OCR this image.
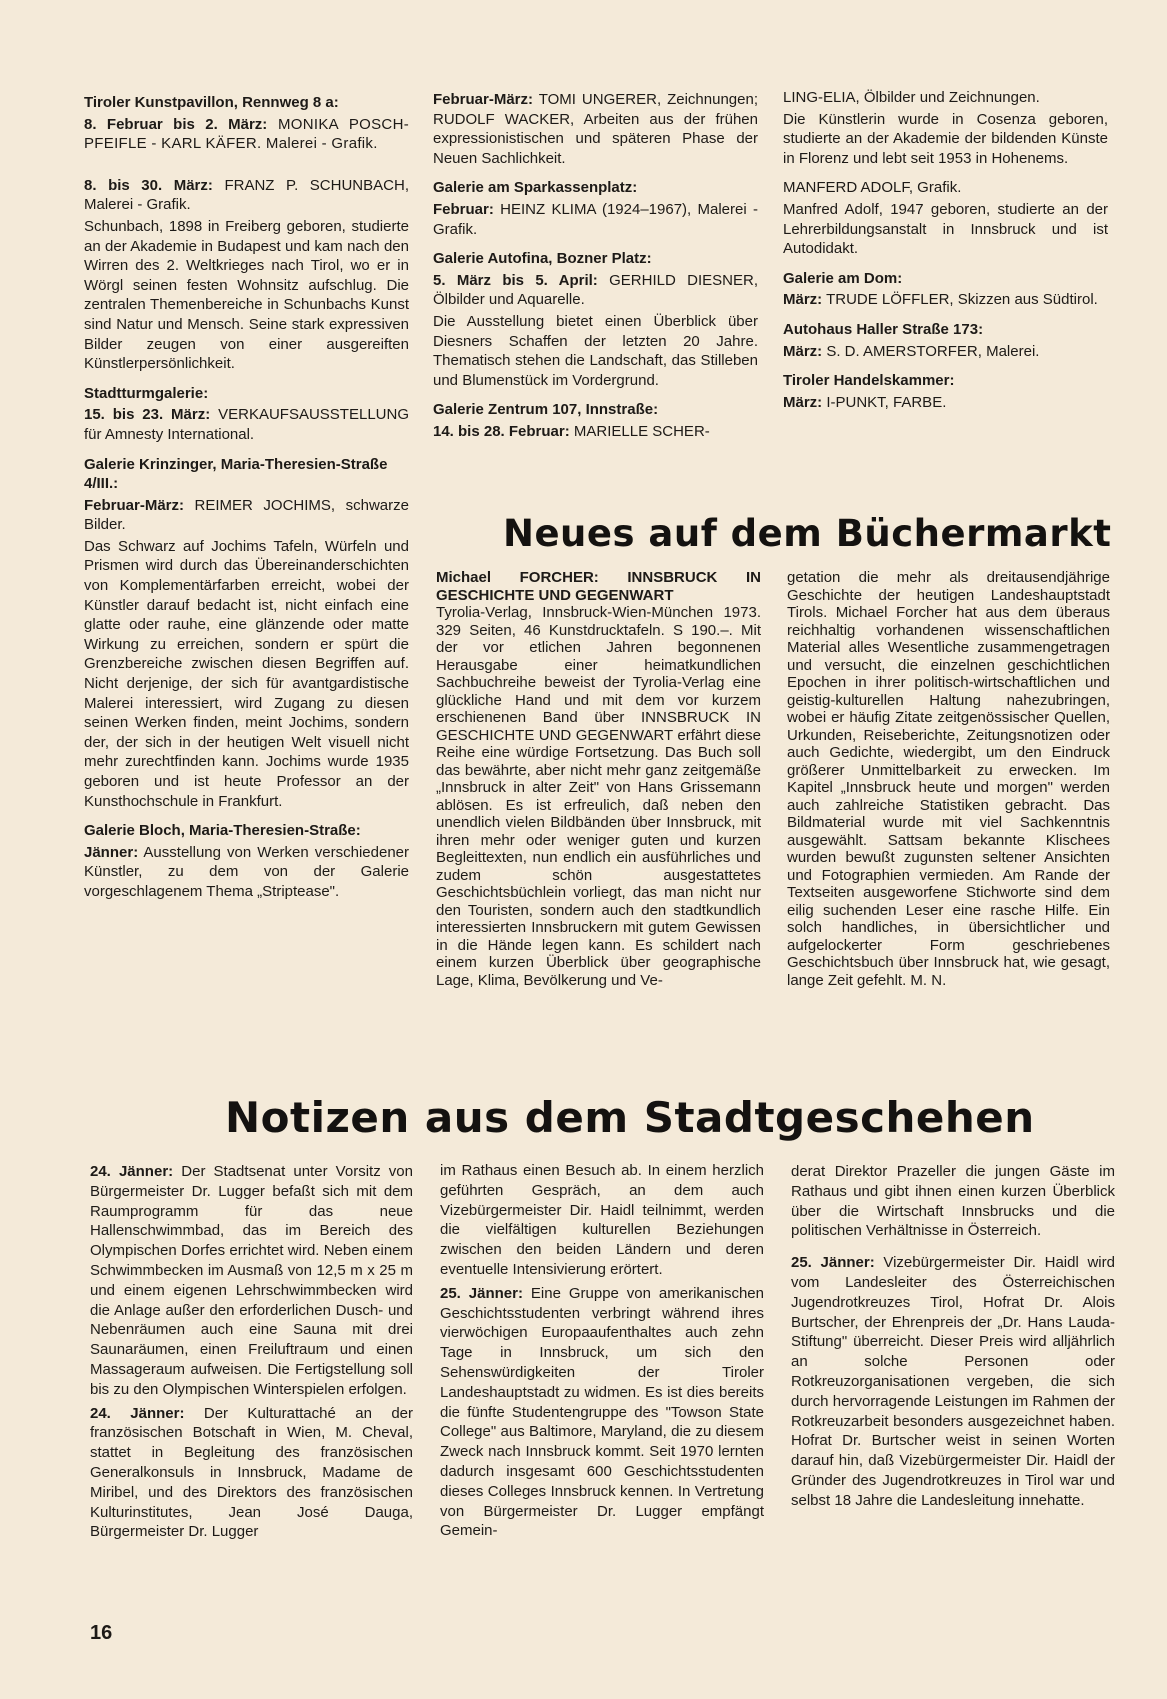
Tiroler Kunstpavillon, Rennweg 8 a:

8. Februar bis 2. März: MONIKA POSCH-PFEIFLE - KARL KÄFER. Malerei - Grafik.

8. bis 30. März: FRANZ P. SCHUNBACH, Malerei - Grafik.

Schunbach, 1898 in Freiberg geboren, studierte an der Akademie in Budapest und kam nach den Wirren des 2. Weltkrieges nach Tirol, wo er in Wörgl seinen festen Wohnsitz aufschlug. Die zentralen Themenbereiche in Schunbachs Kunst sind Natur und Mensch. Seine stark expressiven Bilder zeugen von einer ausgereiften Künstlerpersönlichkeit.

Stadtturmgalerie:

15. bis 23. März: VERKAUFSAUSSTELLUNG für Amnesty International.

Galerie Krinzinger, Maria-Theresien-Straße 4/III.:

Februar-März: REIMER JOCHIMS, schwarze Bilder.

Das Schwarz auf Jochims Tafeln, Würfeln und Prismen wird durch das Übereinanderschichten von Komplementärfarben erreicht, wobei der Künstler darauf bedacht ist, nicht einfach eine glatte oder rauhe, eine glänzende oder matte Wirkung zu erreichen, sondern er spürt die Grenzbereiche zwischen diesen Begriffen auf. Nicht derjenige, der sich für avantgardistische Malerei interessiert, wird Zugang zu diesen seinen Werken finden, meint Jochims, sondern der, der sich in der heutigen Welt visuell nicht mehr zurechtfinden kann. Jochims wurde 1935 geboren und ist heute Professor an der Kunsthochschule in Frankfurt.

Galerie Bloch, Maria-Theresien-Straße:

Jänner: Ausstellung von Werken verschiedener Künstler, zu dem von der Galerie vorgeschlagenem Thema „Striptease".

Februar-März: TOMI UNGERER, Zeichnungen; RUDOLF WACKER, Arbeiten aus der frühen expressionistischen und späteren Phase der Neuen Sachlichkeit.

Galerie am Sparkassenplatz:

Februar: HEINZ KLIMA (1924–1967), Malerei - Grafik.

Galerie Autofina, Bozner Platz:

5. März bis 5. April: GERHILD DIESNER, Ölbilder und Aquarelle.

Die Ausstellung bietet einen Überblick über Diesners Schaffen der letzten 20 Jahre. Thematisch stehen die Landschaft, das Stilleben und Blumenstück im Vordergrund.

Galerie Zentrum 107, Innstraße:

14. bis 28. Februar: MARIELLE SCHER-

LING-ELIA, Ölbilder und Zeichnungen.

Die Künstlerin wurde in Cosenza geboren, studierte an der Akademie der bildenden Künste in Florenz und lebt seit 1953 in Hohenems.

MANFERD ADOLF, Grafik.

Manfred Adolf, 1947 geboren, studierte an der Lehrerbildungsanstalt in Innsbruck und ist Autodidakt.

Galerie am Dom:

März: TRUDE LÖFFLER, Skizzen aus Südtirol.

Autohaus Haller Straße 173:

März: S. D. AMERSTORFER, Malerei.

Tiroler Handelskammer:

März: I-PUNKT, FARBE.

Neues auf dem Büchermarkt
Michael FORCHER: INNSBRUCK IN GESCHICHTE UND GEGENWART
Tyrolia-Verlag, Innsbruck-Wien-München 1973. 329 Seiten, 46 Kunstdrucktafeln. S 190.–. Mit der vor etlichen Jahren begonnenen Herausgabe einer heimatkundlichen Sachbuchreihe beweist der Tyrolia-Verlag eine glückliche Hand und mit dem vor kurzem erschienenen Band über INNSBRUCK IN GESCHICHTE UND GEGENWART erfährt diese Reihe eine würdige Fortsetzung. Das Buch soll das bewährte, aber nicht mehr ganz zeitgemäße „Innsbruck in alter Zeit" von Hans Grissemann ablösen. Es ist erfreulich, daß neben den unendlich vielen Bildbänden über Innsbruck, mit ihren mehr oder weniger guten und kurzen Begleittexten, nun endlich ein ausführliches und zudem schön ausgestattetes Geschichtsbüchlein vorliegt, das man nicht nur den Touristen, sondern auch den stadtkundlich interessierten Innsbruckern mit gutem Gewissen in die Hände legen kann. Es schildert nach einem kurzen Überblick über geographische Lage, Klima, Bevölkerung und Ve-
getation die mehr als dreitausendjährige Geschichte der heutigen Landeshauptstadt Tirols. Michael Forcher hat aus dem überaus reichhaltig vorhandenen wissenschaftlichen Material alles Wesentliche zusammengetragen und versucht, die einzelnen geschichtlichen Epochen in ihrer politisch-wirtschaftlichen und geistig-kulturellen Haltung nahezubringen, wobei er häufig Zitate zeitgenössischer Quellen, Urkunden, Reiseberichte, Zeitungsnotizen oder auch Gedichte, wiedergibt, um den Eindruck größerer Unmittelbarkeit zu erwecken. Im Kapitel „Innsbruck heute und morgen" werden auch zahlreiche Statistiken gebracht. Das Bildmaterial wurde mit viel Sachkenntnis ausgewählt. Sattsam bekannte Klischees wurden bewußt zugunsten seltener Ansichten und Fotographien vermieden. Am Rande der Textseiten ausgeworfene Stichworte sind dem eilig suchenden Leser eine rasche Hilfe. Ein solch handliches, in übersichtlicher und aufgelockerter Form geschriebenes Geschichtsbuch über Innsbruck hat, wie gesagt, lange Zeit gefehlt. M. N.
Notizen aus dem Stadtgeschehen

24. Jänner: Der Stadtsenat unter Vorsitz von Bürgermeister Dr. Lugger befaßt sich mit dem Raumprogramm für das neue Hallenschwimmbad, das im Bereich des Olympischen Dorfes errichtet wird. Neben einem Schwimmbecken im Ausmaß von 12,5 m x 25 m und einem eigenen Lehrschwimmbecken wird die Anlage außer den erforderlichen Dusch- und Nebenräumen auch eine Sauna mit drei Saunaräumen, einen Freiluftraum und einen Massageraum aufweisen. Die Fertigstellung soll bis zu den Olympischen Winterspielen erfolgen.

24. Jänner: Der Kulturattaché an der französischen Botschaft in Wien, M. Cheval, stattet in Begleitung des französischen Generalkonsuls in Innsbruck, Madame de Miribel, und des Direktors des französischen Kulturinstitutes, Jean José Dauga, Bürgermeister Dr. Lugger

im Rathaus einen Besuch ab. In einem herzlich geführten Gespräch, an dem auch Vizebürgermeister Dir. Haidl teilnimmt, werden die vielfältigen kulturellen Beziehungen zwischen den beiden Ländern und deren eventuelle Intensivierung erörtert.

25. Jänner: Eine Gruppe von amerikanischen Geschichtsstudenten verbringt während ihres vierwöchigen Europaaufenthaltes auch zehn Tage in Innsbruck, um sich den Sehenswürdigkeiten der Tiroler Landeshauptstadt zu widmen. Es ist dies bereits die fünfte Studentengruppe des "Towson State College" aus Baltimore, Maryland, die zu diesem Zweck nach Innsbruck kommt. Seit 1970 lernten dadurch insgesamt 600 Geschichtsstudenten dieses Colleges Innsbruck kennen. In Vertretung von Bürgermeister Dr. Lugger empfängt Gemein-

derat Direktor Prazeller die jungen Gäste im Rathaus und gibt ihnen einen kurzen Überblick über die Wirtschaft Innsbrucks und die politischen Verhältnisse in Österreich.

25. Jänner: Vizebürgermeister Dir. Haidl wird vom Landesleiter des Österreichischen Jugendrotkreuzes Tirol, Hofrat Dr. Alois Burtscher, der Ehrenpreis der „Dr. Hans Lauda-Stiftung" überreicht. Dieser Preis wird alljährlich an solche Personen oder Rotkreuzorganisationen vergeben, die sich durch hervorragende Leistungen im Rahmen der Rotkreuzarbeit besonders ausgezeichnet haben. Hofrat Dr. Burtscher weist in seinen Worten darauf hin, daß Vizebürgermeister Dir. Haidl der Gründer des Jugendrotkreuzes in Tirol war und selbst 18 Jahre die Landesleitung innehatte.

16
